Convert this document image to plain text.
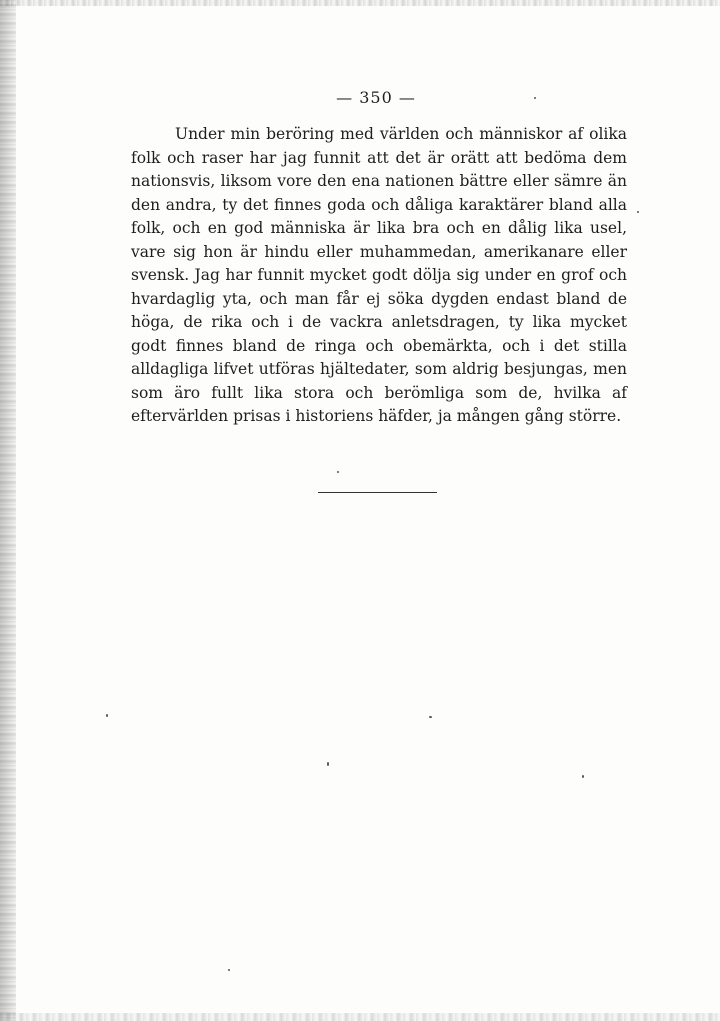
— 350 —

Under min beröring med världen och människor af olika folk och raser har jag funnit att det är orätt att bedöma dem nationsvis, liksom vore den ena nationen bättre eller sämre än den andra, ty det finnes goda och dåliga karaktärer bland alla folk, och en god människa är lika bra och en dålig lika usel, vare sig hon är hindu eller muhammedan, amerikanare eller svensk. Jag har funnit mycket godt dölja sig under en grof och hvardaglig yta, och man får ej söka dygden endast bland de höga, de rika och i de vackra anletsdragen, ty lika mycket godt finnes bland de ringa och obemärkta, och i det stilla alldagliga lifvet utföras hjältedater, som aldrig besjungas, men som äro fullt lika stora och berömliga som de, hvilka af eftervärlden prisas i historiens häfder, ja mången gång större.
